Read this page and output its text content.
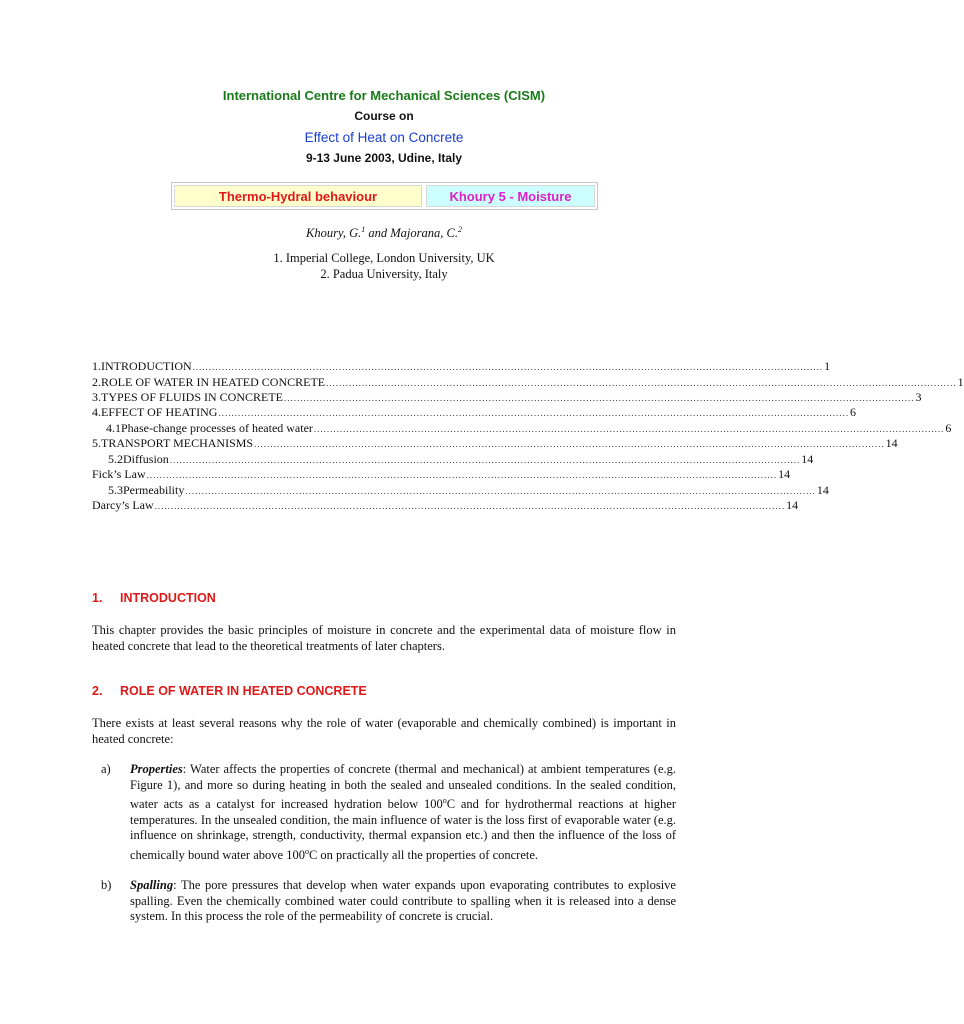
International Centre for Mechanical Sciences (CISM)
Course on
Effect of Heat on Concrete
9-13 June 2003, Udine, Italy
Thermo-Hydral behaviour	Khoury 5 - Moisture
Khoury, G.$^1$ and Majorana, C.$^2$
1. Imperial College, London University, UK
2. Padua University, Italy
1. INTRODUCTION .................................................................................................................................................................................................. 1
2. ROLE OF WATER IN HEATED CONCRETE .................................................................................................................................................................................................. 1
3. TYPES OF FLUIDS IN CONCRETE .................................................................................................................................................................................................. 3
4. EFFECT OF HEATING .................................................................................................................................................................................................. 6
4.1 Phase-change processes of heated water .................................................................................................................................................................................................. 6
5. TRANSPORT MECHANISMS .................................................................................................................................................................................................. 14
5.2 Diffusion .................................................................................................................................................................................................. 14
Fick’s Law .................................................................................................................................................................................................. 14
5.3 Permeability .................................................................................................................................................................................................. 14
Darcy’s Law .................................................................................................................................................................................................. 14
1. INTRODUCTION
This chapter provides the basic principles of moisture in concrete and the experimental data of moisture flow in heated concrete that lead to the theoretical treatments of later chapters.
2. ROLE OF WATER IN HEATED CONCRETE
There exists at least several reasons why the role of water (evaporable and chemically combined) is important in heated concrete:
a) Properties: Water affects the properties of concrete (thermal and mechanical) at ambient temperatures (e.g. Figure 1), and more so during heating in both the sealed and unsealed conditions. In the sealed condition, water acts as a catalyst for increased hydration below 100$^o$C and for hydrothermal reactions at higher temperatures. In the unsealed condition, the main influence of water is the loss first of evaporable water (e.g. influence on shrinkage, strength, conductivity, thermal expansion etc.) and then the influence of the loss of chemically bound water above 100$^o$C on practically all the properties of concrete.
b) Spalling: The pore pressures that develop when water expands upon evaporating contributes to explosive spalling. Even the chemically combined water could contribute to spalling when it is released into a dense system. In this process the role of the permeability of concrete is crucial.
